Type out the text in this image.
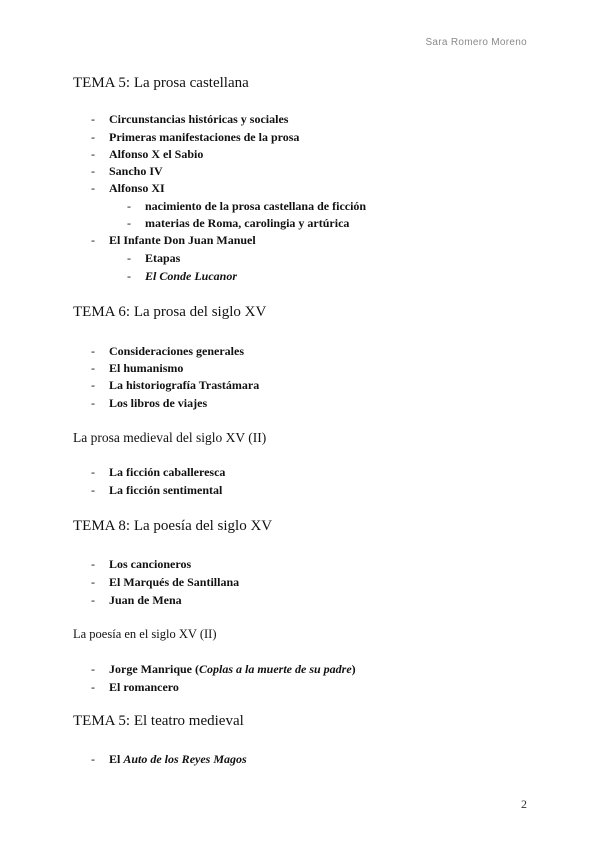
Sara Romero Moreno
TEMA 5: La prosa castellana
- Circunstancias históricas y sociales
- Primeras manifestaciones de la prosa
- Alfonso X el Sabio
- Sancho IV
- Alfonso XI
- nacimiento de la prosa castellana de ficción
- materias de Roma, carolingia y artúrica
- El Infante Don Juan Manuel
- Etapas
- El Conde Lucanor
TEMA 6: La prosa del siglo XV
- Consideraciones generales
- El humanismo
- La historiografía Trastámara
- Los libros de viajes
La prosa medieval del siglo XV (II)
- La ficción caballeresca
- La ficción sentimental
TEMA 8: La poesía del siglo XV
- Los cancioneros
- El Marqués de Santillana
- Juan de Mena
La poesía en el siglo XV (II)
- Jorge Manrique (Coplas a la muerte de su padre)
- El romancero
TEMA 5: El teatro medieval
- El Auto de los Reyes Magos
2
